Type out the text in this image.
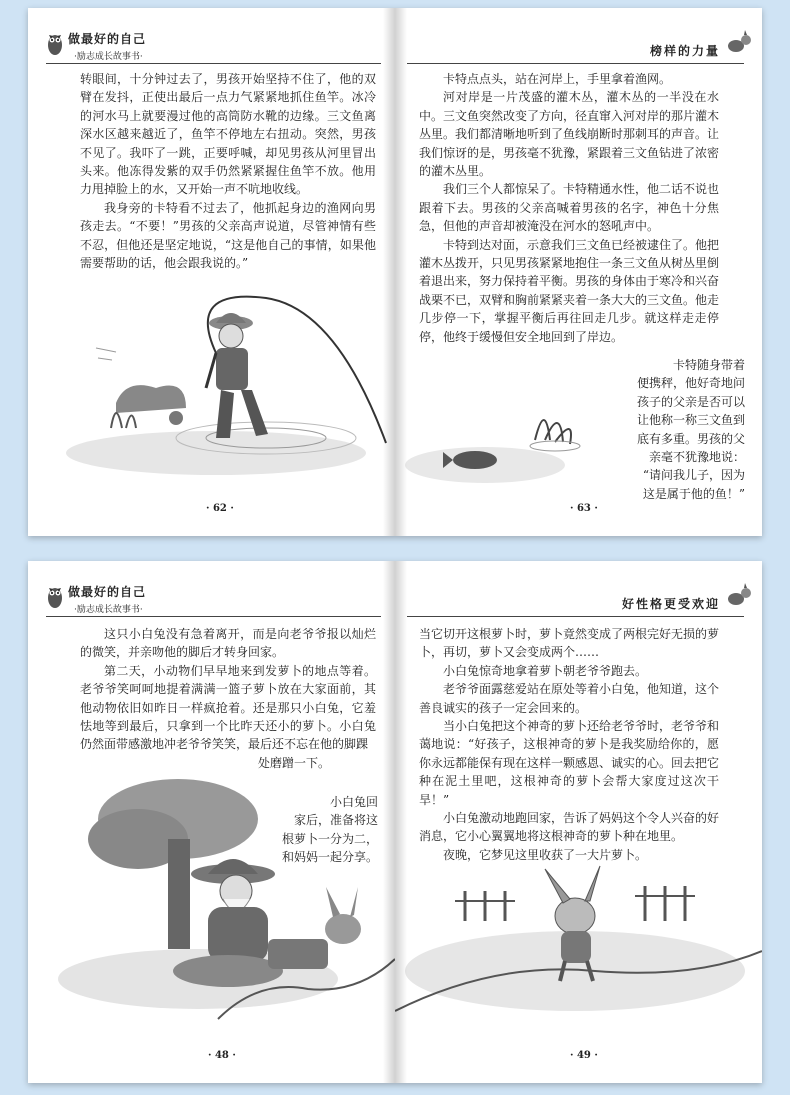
做最好的自己
·励志成长故事书·

转眼间，十分钟过去了，男孩开始坚持不住了，他的双臂在发抖，正使出最后一点力气紧紧地抓住鱼竿。冰冷的河水马上就要漫过他的高筒防水靴的边缘。三文鱼离深水区越来越近了，鱼竿不停地左右扭动。突然，男孩不见了。我吓了一跳，正要呼喊，却见男孩从河里冒出头来。他冻得发紫的双手仍然紧紧握住鱼竿不放。他用力甩掉脸上的水，又开始一声不吭地收线。

我身旁的卡特看不过去了，他抓起身边的渔网向男孩走去。“不要！”男孩的父亲高声说道，尽管神情有些不忍，但他还是坚定地说，“这是他自己的事情，如果他需要帮助的话，他会跟我说的。”

· 62 ·
榜样的力量

卡特点点头，站在河岸上，手里拿着渔网。

河对岸是一片茂盛的灌木丛，灌木丛的一半没在水中。三文鱼突然改变了方向，径直窜入河对岸的那片灌木丛里。我们都清晰地听到了鱼线崩断时那刺耳的声音。让我们惊讶的是，男孩毫不犹豫，紧跟着三文鱼钻进了浓密的灌木丛里。

我们三个人都惊呆了。卡特精通水性，他二话不说也跟着下去。男孩的父亲高喊着男孩的名字，神色十分焦急，但他的声音却被淹没在河水的怒吼声中。

卡特到达对面，示意我们三文鱼已经被逮住了。他把灌木丛拨开，只见男孩紧紧地抱住一条三文鱼从树丛里倒着退出来，努力保持着平衡。男孩的身体由于寒冷和兴奋战栗不已，双臂和胸前紧紧夹着一条大大的三文鱼。他走几步停一下，掌握平衡后再往回走几步。就这样走走停停，他终于缓慢但安全地回到了岸边。

卡特随身带着
便携秤，他好奇地问
孩子的父亲是否可以
让他称一称三文鱼到
底有多重。男孩的父
亲毫不犹豫地说：
“请问我儿子，因为
这是属于他的鱼！”
· 63 ·
做最好的自己
·励志成长故事书·

这只小白兔没有急着离开，而是向老爷爷报以灿烂的微笑，并亲吻他的脚后才转身回家。

第二天，小动物们早早地来到发萝卜的地点等着。老爷爷笑呵呵地提着满满一篮子萝卜放在大家面前，其他动物依旧如昨日一样疯抢着。还是那只小白兔，它羞怯地等到最后，只拿到一个比昨天还小的萝卜。小白兔仍然面带感激地冲老爷爷笑笑，最后还不忘在他的脚踝

处磨蹭一下。
小白兔回
家后，准备将这
根萝卜一分为二，
和妈妈一起分享。
· 48 ·
好性格更受欢迎

当它切开这根萝卜时，萝卜竟然变成了两根完好无损的萝卜，再切，萝卜又会变成两个……

小白兔惊奇地拿着萝卜朝老爷爷跑去。

老爷爷面露慈爱站在原处等着小白兔，他知道，这个善良诚实的孩子一定会回来的。

当小白兔把这个神奇的萝卜还给老爷爷时，老爷爷和蔼地说：“好孩子，这根神奇的萝卜是我奖励给你的，愿你永远都能保有现在这样一颗感恩、诚实的心。回去把它种在泥土里吧，这根神奇的萝卜会帮大家度过这次干旱！”

小白兔激动地跑回家，告诉了妈妈这个令人兴奋的好消息，它小心翼翼地将这根神奇的萝卜种在地里。

夜晚，它梦见这里收获了一大片萝卜。

· 49 ·
